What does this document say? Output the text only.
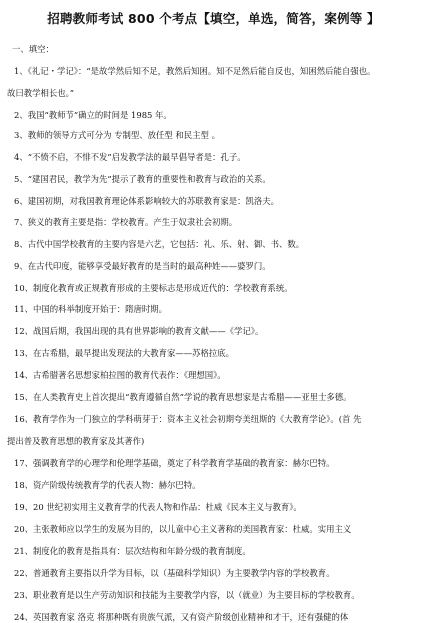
招聘教师考试 800 个考点【填空，单选，简答，案例等 】
一、填空：
1、《礼记・学记》：“是故学然后知不足，教然后知困。知不足然后能自反也，知困然后能自强也。
故曰教学相长也。”
2、我国“教师节”确立的时间是 1985 年。
3、教师的领导方式可分为 专制型、放任型 和民主型 。
4、“不愤不启，不悱不发”启发教学法的最早倡导者是：孔子。
5、“建国君民，教学为先”提示了教育的重要性和教育与政治的关系。
6、建国初期，对我国教育理论体系影响较大的苏联教育家是：凯洛夫。
7、狭义的教育主要是指：学校教育。产生于奴隶社会初期。
8、古代中国学校教育的主要内容是六艺，它包括：礼、乐、射、御、书、数。
9、在古代印度，能够享受最好教育的是当时的最高种姓——婆罗门。
10、制度化教育或正规教育形成的主要标志是形成近代的：学校教育系统。
11、中国的科举制度开始于：隋唐时期。
12、战国后期，我国出现的具有世界影响的教育文献——《学记》。
13、在古希腊，最早提出发现法的大教育家——苏格拉底。
14、古希腊著名思想家柏拉图的教育代表作：《理想国》。
15、在人类教育史上首次提出“教育遵循自然”学说的教育思想家是古希腊——亚里士多德。
16、教育学作为一门独立的学科萌芽于：资本主义社会初期夸美纽斯的《大教育学论》。(首 先
提出普及教育思想的教育家及其著作)
17、强调教育学的心理学和伦理学基础，奠定了科学教育学基础的教育家：赫尔巴特。
18、资产阶级传统教育学的代表人物：赫尔巴特。
19、20 世纪初实用主义教育学的代表人物和作品：杜威《民本主义与教育》。
20、主张教师应以学生的发展为目的，以儿童中心主义著称的美国教育家：杜威。实用主义
21、制度化的教育是指具有：层次结构和年龄分级的教育制度。
22、普通教育主要指以升学为目标，以（基础科学知识）为主要教学内容的学校教育。
23、职业教育是以生产劳动知识和技能为主要教学内容，以（就业）为主要目标的学校教育。
24、英国教育家 洛克 将那种既有贵族气派，又有资产阶级创业精神和才干，还有强健的体
